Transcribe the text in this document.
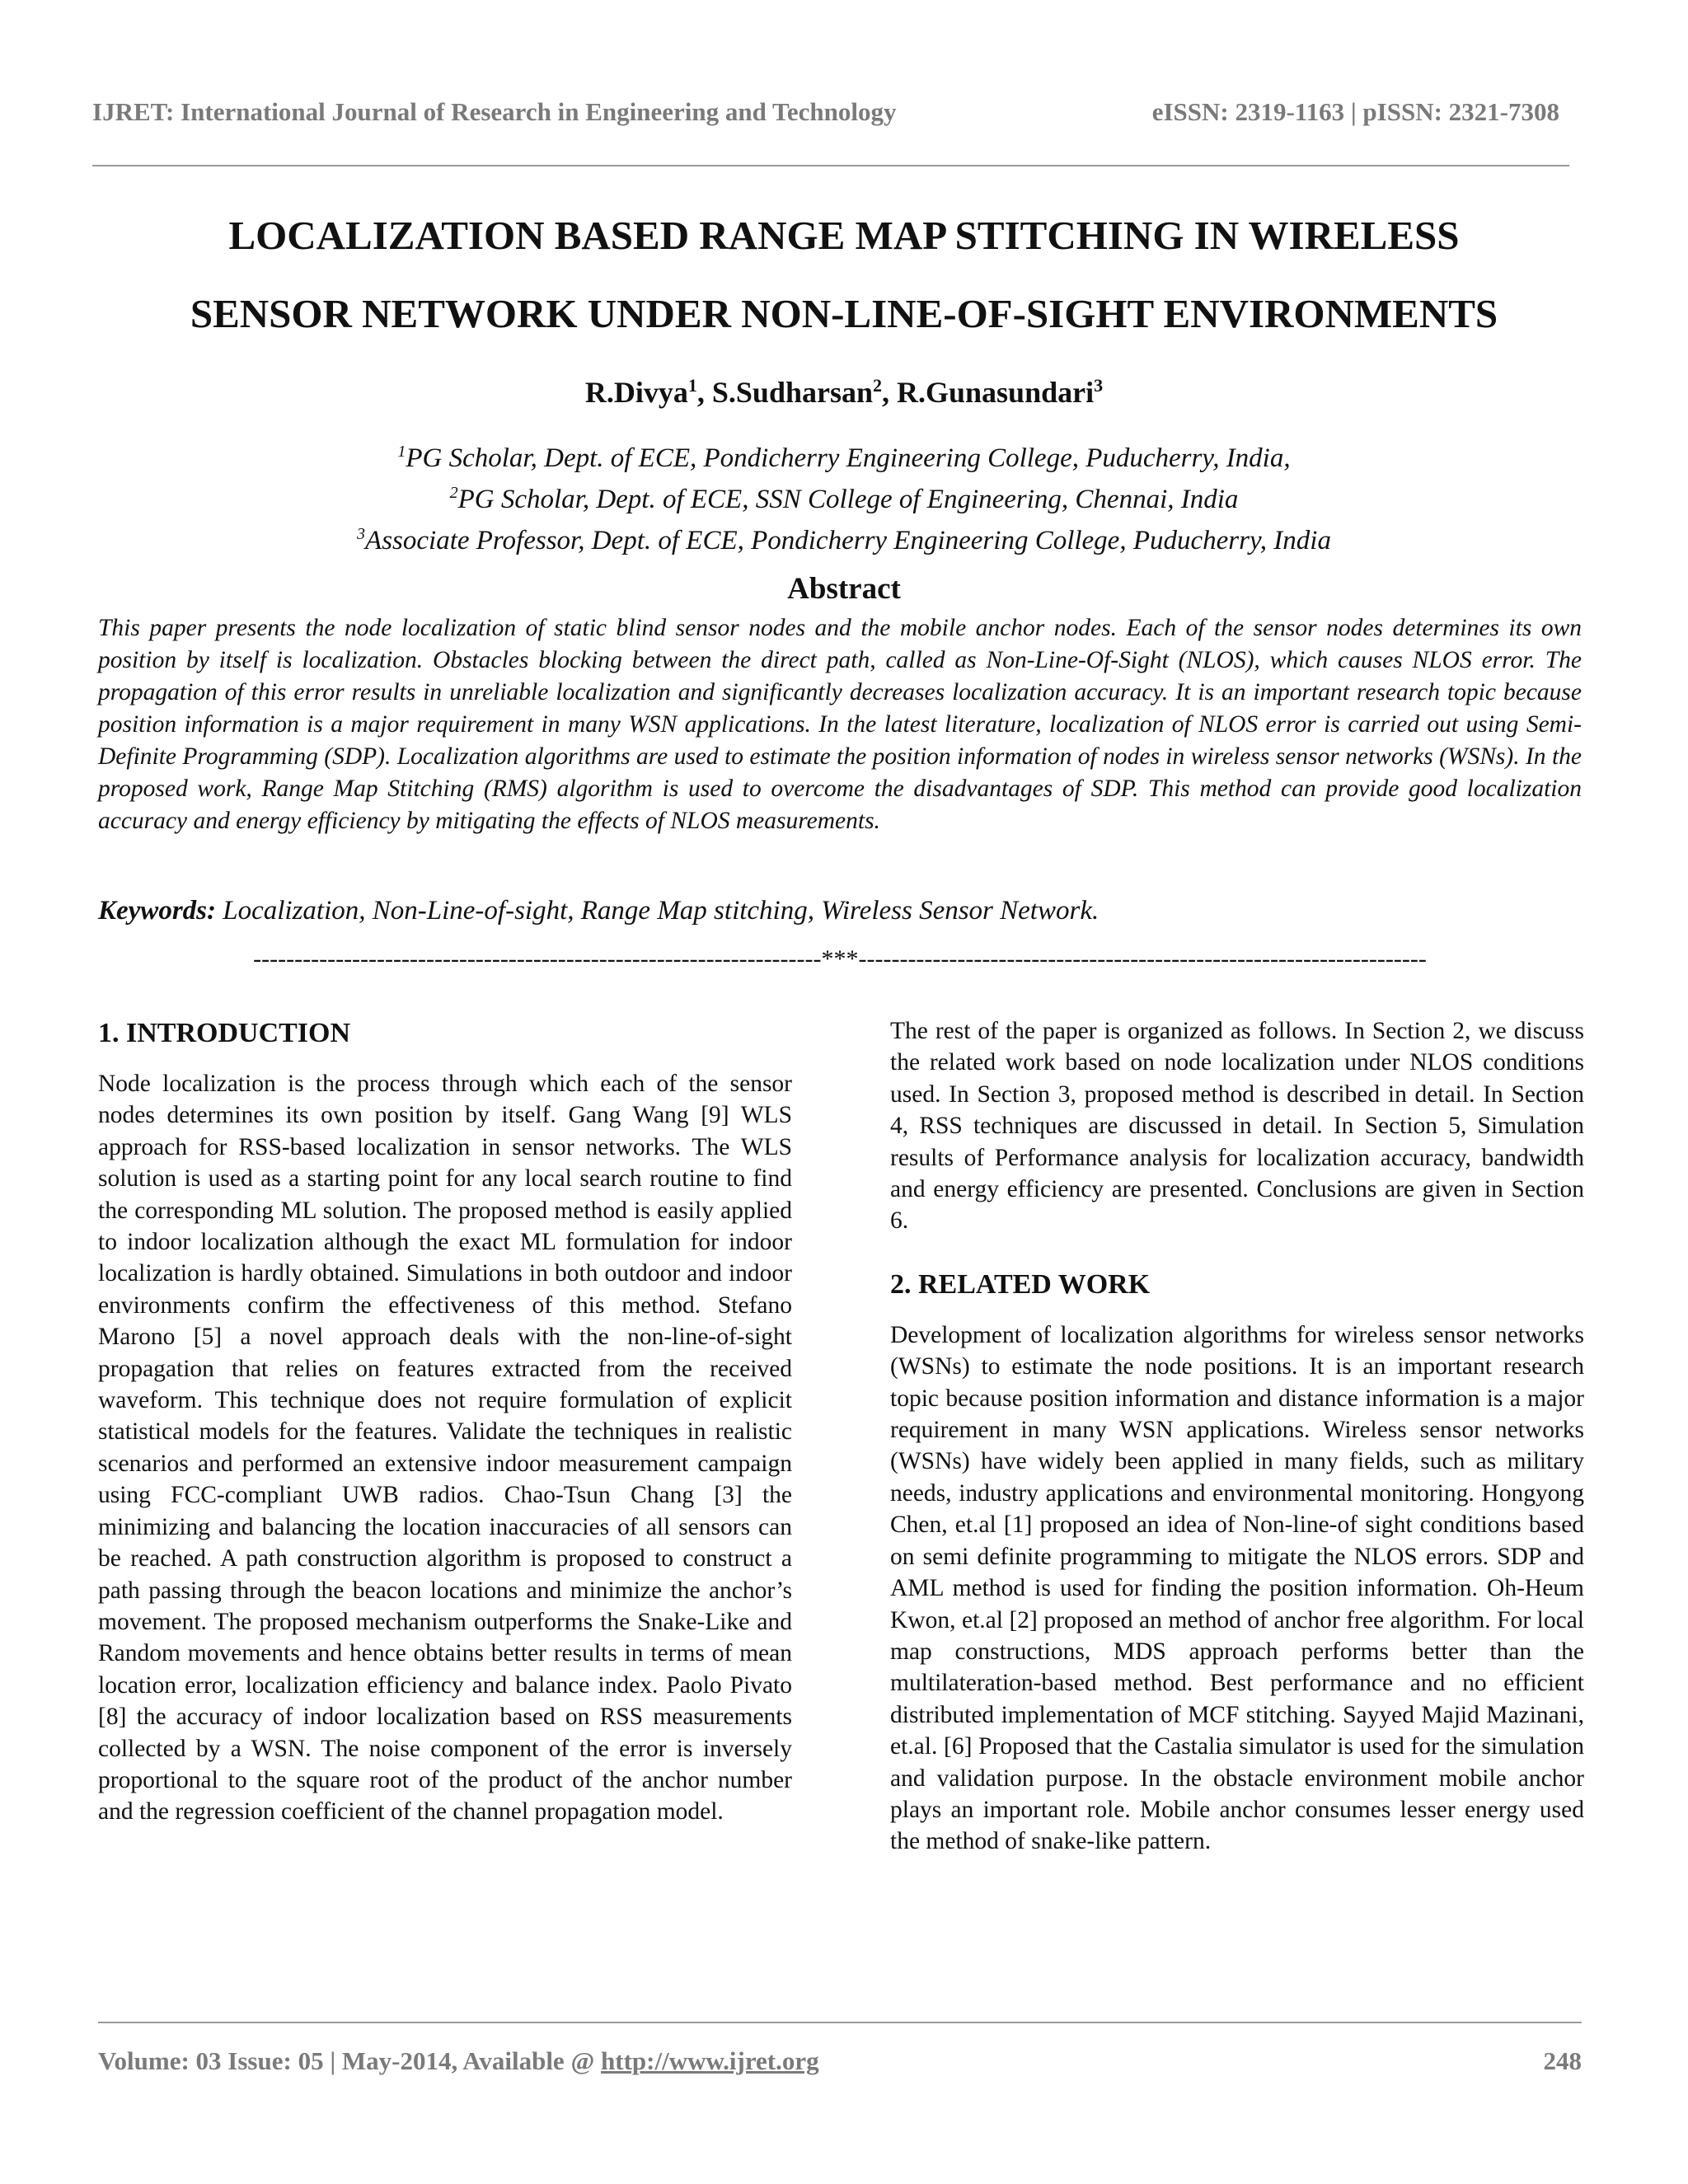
IJRET: International Journal of Research in Engineering and Technology	eISSN: 2319-1163 | pISSN: 2321-7308
LOCALIZATION BASED RANGE MAP STITCHING IN WIRELESS
SENSOR NETWORK UNDER NON-LINE-OF-SIGHT ENVIRONMENTS
R.Divya$^1$, S.Sudharsan$^2$, R.Gunasundari$^3$
$^1$PG Scholar, Dept. of ECE, Pondicherry Engineering College, Puducherry, India,
$^2$PG Scholar, Dept. of ECE, SSN College of Engineering, Chennai, India
$^3$Associate Professor, Dept. of ECE, Pondicherry Engineering College, Puducherry, India
Abstract

This paper presents the node localization of static blind sensor nodes and the mobile anchor nodes. Each of the sensor nodes determines its own position by itself is localization. Obstacles blocking between the direct path, called as Non-Line-Of-Sight (NLOS), which causes NLOS error. The propagation of this error results in unreliable localization and significantly decreases localization accuracy. It is an important research topic because position information is a major requirement in many WSN applications. In the latest literature, localization of NLOS error is carried out using Semi-Definite Programming (SDP). Localization algorithms are used to estimate the position information of nodes in wireless sensor networks (WSNs). In the proposed work, Range Map Stitching (RMS) algorithm is used to overcome the disadvantages of SDP. This method can provide good localization accuracy and energy efficiency by mitigating the effects of NLOS measurements.

Keywords: Localization, Non-Line-of-sight, Range Map stitching, Wireless Sensor Network.
---------------------------------------------------------------------***---------------------------------------------------------------------
1. INTRODUCTION

Node localization is the process through which each of the sensor nodes determines its own position by itself. Gang Wang [9] WLS approach for RSS-based localization in sensor networks. The WLS solution is used as a starting point for any local search routine to find the corresponding ML solution. The proposed method is easily applied to indoor localization although the exact ML formulation for indoor localization is hardly obtained. Simulations in both outdoor and indoor environments confirm the effectiveness of this method. Stefano Marono [5] a novel approach deals with the non-line-of-sight propagation that relies on features extracted from the received waveform. This technique does not require formulation of explicit statistical models for the features. Validate the techniques in realistic scenarios and performed an extensive indoor measurement campaign using FCC-compliant UWB radios. Chao-Tsun Chang [3] the minimizing and balancing the location inaccuracies of all sensors can be reached. A path construction algorithm is proposed to construct a path passing through the beacon locations and minimize the anchor’s movement. The proposed mechanism outperforms the Snake-Like and Random movements and hence obtains better results in terms of mean location error, localization efficiency and balance index. Paolo Pivato [8] the accuracy of indoor localization based on RSS measurements collected by a WSN. The noise component of the error is inversely proportional to the square root of the product of the anchor number and the regression coefficient of the channel propagation model.

The rest of the paper is organized as follows. In Section 2, we discuss the related work based on node localization under NLOS conditions used. In Section 3, proposed method is described in detail. In Section 4, RSS techniques are discussed in detail. In Section 5, Simulation results of Performance analysis for localization accuracy, bandwidth and energy efficiency are presented. Conclusions are given in Section 6.

2. RELATED WORK

Development of localization algorithms for wireless sensor networks (WSNs) to estimate the node positions. It is an important research topic because position information and distance information is a major requirement in many WSN applications. Wireless sensor networks (WSNs) have widely been applied in many fields, such as military needs, industry applications and environmental monitoring. Hongyong Chen, et.al [1] proposed an idea of Non-line-of sight conditions based on semi definite programming to mitigate the NLOS errors. SDP and AML method is used for finding the position information. Oh-Heum Kwon, et.al [2] proposed an method of anchor free algorithm. For local map constructions, MDS approach performs better than the multilateration-based method. Best performance and no efficient distributed implementation of MCF stitching. Sayyed Majid Mazinani, et.al. [6] Proposed that the Castalia simulator is used for the simulation and validation purpose. In the obstacle environment mobile anchor plays an important role. Mobile anchor consumes lesser energy used the method of snake-like pattern.

Volume: 03 Issue: 05 | May-2014, Available @ http://www.ijret.org	248
